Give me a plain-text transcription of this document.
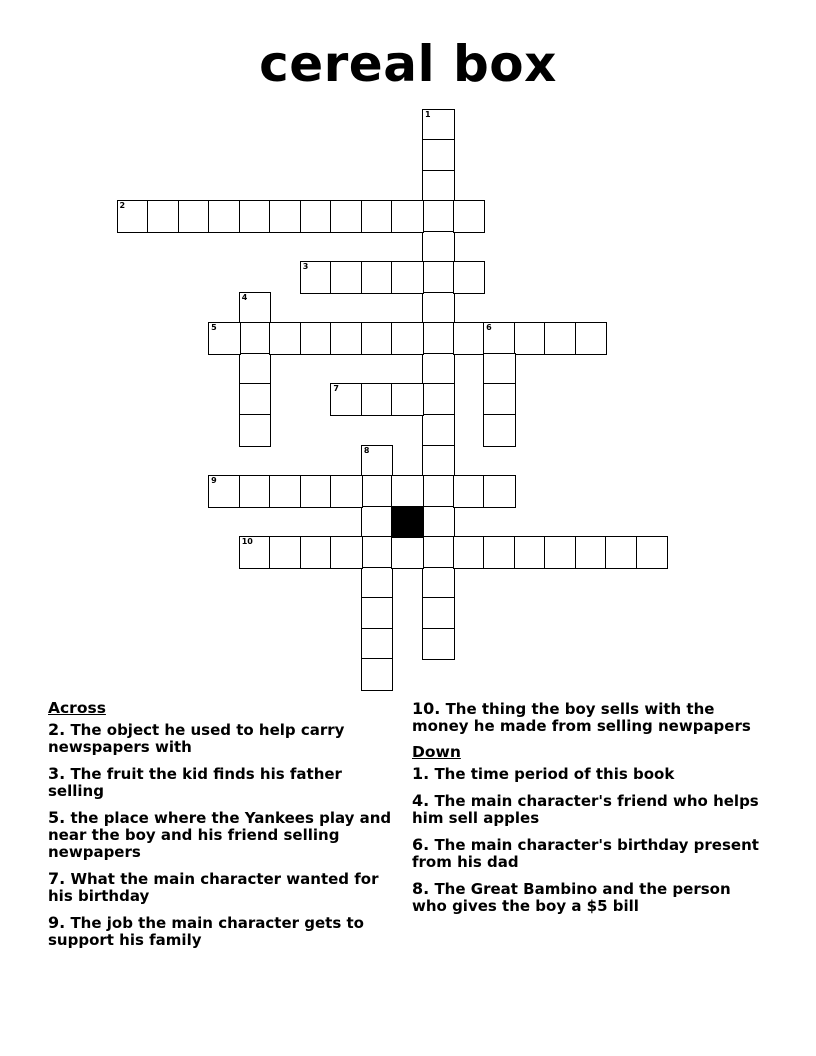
cereal box
1
2
3
4
5	6
7
8
9
10
Across
2. The object he used to help carry newspapers with
3. The fruit the kid finds his father selling
5. the place where the Yankees play and near the boy and his friend selling newpapers
7. What the main character wanted for his birthday
9. The job the main character gets to support his family
10. The thing the boy sells with the money he made from selling newpapers
Down
1. The time period of this book
4. The main character's friend who helps him sell apples
6. The main character's birthday present from his dad
8. The Great Bambino and the person who gives the boy a $5 bill
